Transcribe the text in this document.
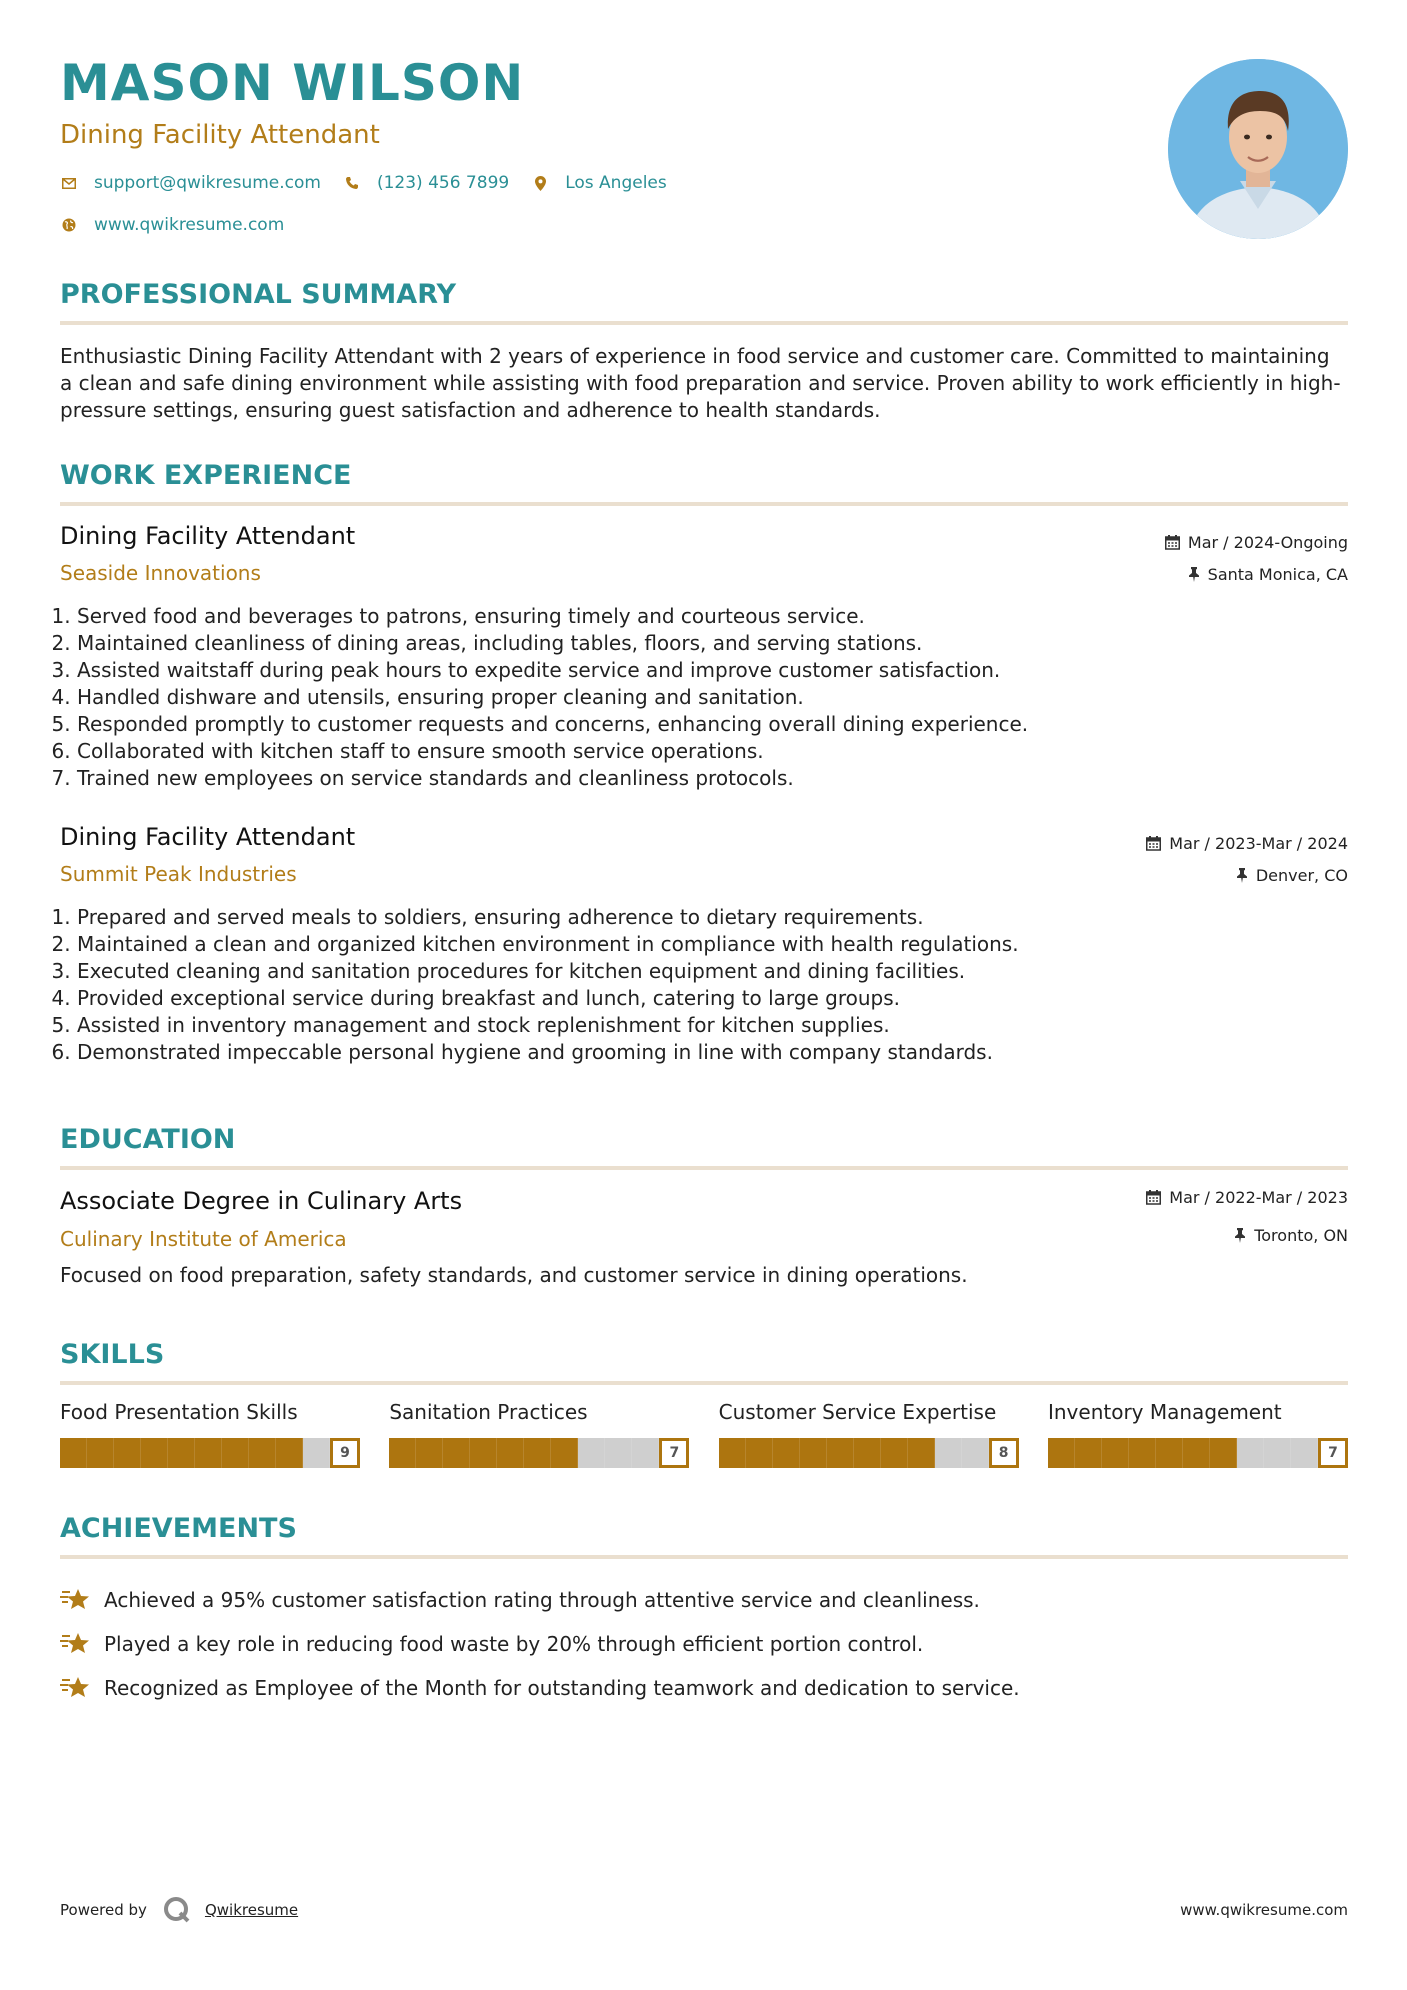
MASON WILSON
Dining Facility Attendant
support@qwikresume.com	(123) 456 7899	Los Angeles
www.qwikresume.com
PROFESSIONAL SUMMARY

Enthusiastic Dining Facility Attendant with 2 years of experience in food service and customer care. Committed to maintaining a clean and safe dining environment while assisting with food preparation and service. Proven ability to work efficiently in high-pressure settings, ensuring guest satisfaction and adherence to health standards.

WORK EXPERIENCE
Dining Facility Attendant
Seaside Innovations
Mar / 2024-Ongoing
Santa Monica, CA
1. Served food and beverages to patrons, ensuring timely and courteous service.
2. Maintained cleanliness of dining areas, including tables, floors, and serving stations.
3. Assisted waitstaff during peak hours to expedite service and improve customer satisfaction.
4. Handled dishware and utensils, ensuring proper cleaning and sanitation.
5. Responded promptly to customer requests and concerns, enhancing overall dining experience.
6. Collaborated with kitchen staff to ensure smooth service operations.
7. Trained new employees on service standards and cleanliness protocols.
Dining Facility Attendant
Summit Peak Industries
Mar / 2023-Mar / 2024
Denver, CO
1. Prepared and served meals to soldiers, ensuring adherence to dietary requirements.
2. Maintained a clean and organized kitchen environment in compliance with health regulations.
3. Executed cleaning and sanitation procedures for kitchen equipment and dining facilities.
4. Provided exceptional service during breakfast and lunch, catering to large groups.
5. Assisted in inventory management and stock replenishment for kitchen supplies.
6. Demonstrated impeccable personal hygiene and grooming in line with company standards.
EDUCATION
Associate Degree in Culinary Arts
Culinary Institute of America
Mar / 2022-Mar / 2023
Toronto, ON

Focused on food preparation, safety standards, and customer service in dining operations.

SKILLS
Food Presentation Skills
9
Sanitation Practices
7
Customer Service Expertise
8
Inventory Management
7
ACHIEVEMENTS
Achieved a 95% customer satisfaction rating through attentive service and cleanliness.
Played a key role in reducing food waste by 20% through efficient portion control.
Recognized as Employee of the Month for outstanding teamwork and dedication to service.
Powered by	Qwikresume	www.qwikresume.com
